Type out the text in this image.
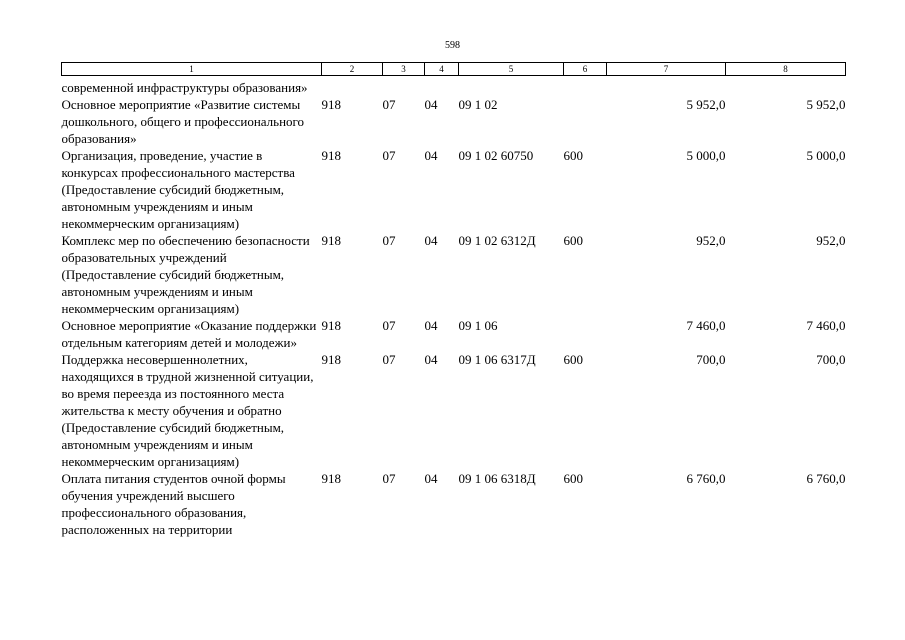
598
1	2	3	4	5	6	7	8
современной инфраструктуры образования»							
Основное мероприятие «Развитие системы дошкольного, общего и профессионального образования»	918	07	04	09 1 02		5 952,0	5 952,0
Организация, проведение, участие в конкурсах профессионального мастерства (Предоставление субсидий бюджетным, автономным учреждениям и иным некоммерческим организациям)	918	07	04	09 1 02 60750	600	5 000,0	5 000,0
Комплекс мер по обеспечению безопасности образовательных учреждений (Предоставление субсидий бюджетным, автономным учреждениям и иным некоммерческим организациям)	918	07	04	09 1 02 6312Д	600	952,0	952,0
Основное мероприятие «Оказание поддержки отдельным категориям детей и молодежи»	918	07	04	09 1 06		7 460,0	7 460,0
Поддержка несовершеннолетних, находящихся в трудной жизненной ситуации, во время переезда из постоянного места жительства к месту обучения и обратно (Предоставление субсидий бюджетным, автономным учреждениям и иным некоммерческим организациям)	918	07	04	09 1 06 6317Д	600	700,0	700,0
Оплата питания студентов очной формы обучения учреждений высшего профессионального образования, расположенных на территории	918	07	04	09 1 06 6318Д	600	6 760,0	6 760,0
